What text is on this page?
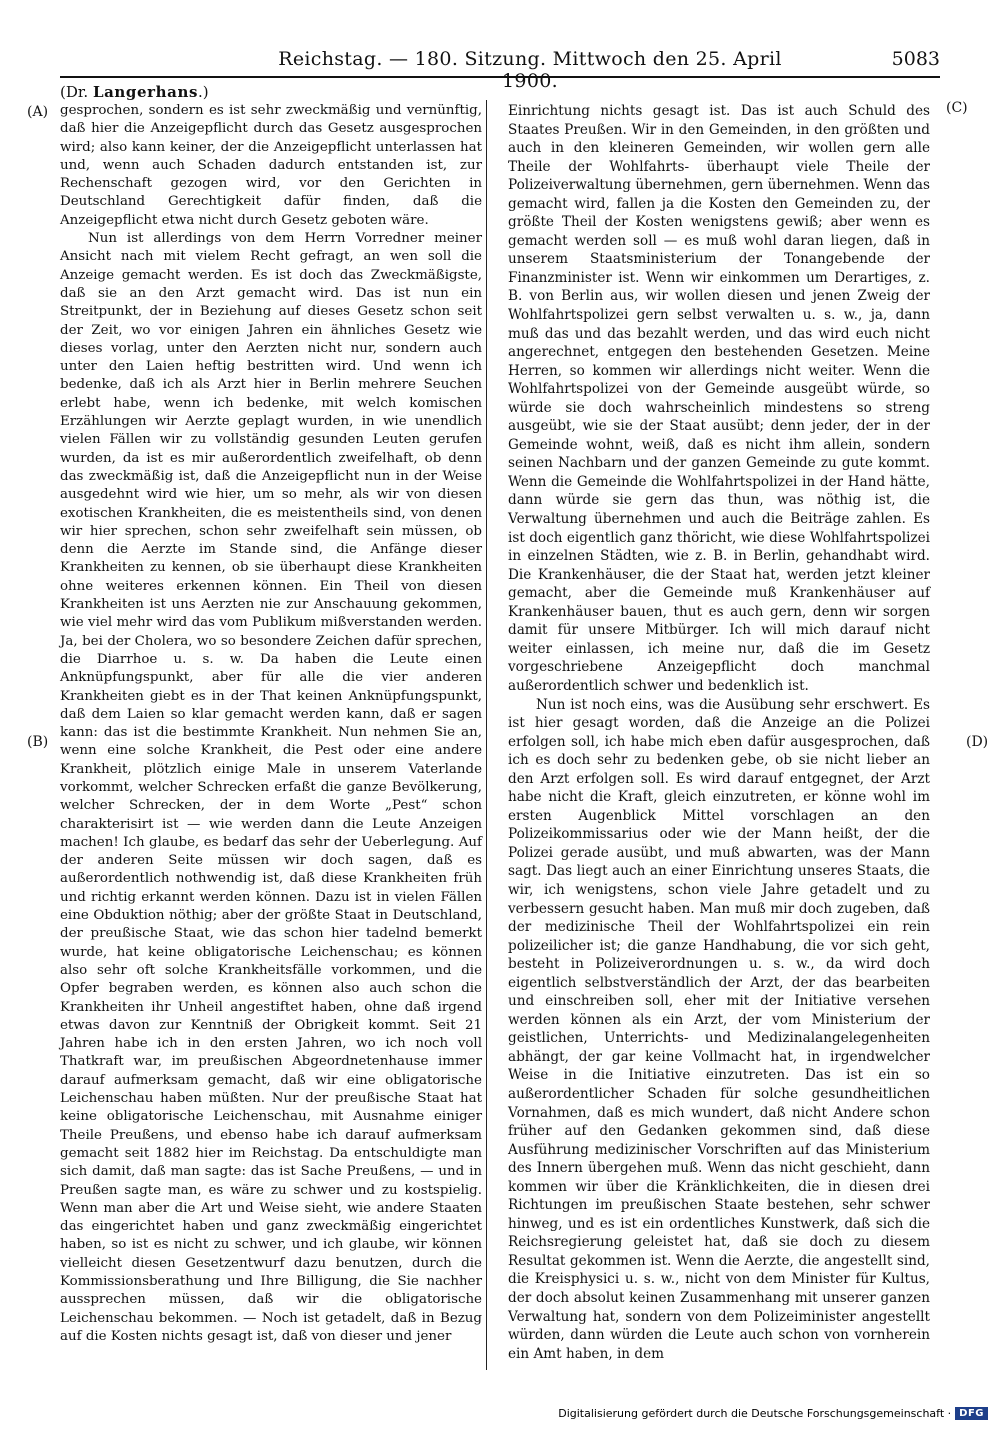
Reichstag. — 180. Sitzung. Mittwoch den 25. April 1900.
5083
(A)
(B)
(C)
(D)

(Dr. Langerhans.)

gesprochen, sondern es ist sehr zweckmäßig und vernünftig, daß hier die Anzeigepflicht durch das Gesetz ausgesprochen wird; also kann keiner, der die Anzeigepflicht unterlassen hat und, wenn auch Schaden dadurch entstanden ist, zur Rechenschaft gezogen wird, vor den Gerichten in Deutschland Gerechtigkeit dafür finden, daß die Anzeigepflicht etwa nicht durch Gesetz geboten wäre.

Nun ist allerdings von dem Herrn Vorredner meiner Ansicht nach mit vielem Recht gefragt, an wen soll die Anzeige gemacht werden. Es ist doch das Zweckmäßigste, daß sie an den Arzt gemacht wird. Das ist nun ein Streitpunkt, der in Beziehung auf dieses Gesetz schon seit der Zeit, wo vor einigen Jahren ein ähnliches Gesetz wie dieses vorlag, unter den Aerzten nicht nur, sondern auch unter den Laien heftig bestritten wird. Und wenn ich bedenke, daß ich als Arzt hier in Berlin mehrere Seuchen erlebt habe, wenn ich bedenke, mit welch komischen Erzählungen wir Aerzte geplagt wurden, in wie unendlich vielen Fällen wir zu vollständig gesunden Leuten gerufen wurden, da ist es mir außerordentlich zweifelhaft, ob denn das zweckmäßig ist, daß die Anzeigepflicht nun in der Weise ausgedehnt wird wie hier, um so mehr, als wir von diesen exotischen Krankheiten, die es meistentheils sind, von denen wir hier sprechen, schon sehr zweifelhaft sein müssen, ob denn die Aerzte im Stande sind, die Anfänge dieser Krankheiten zu kennen, ob sie überhaupt diese Krankheiten ohne weiteres erkennen können. Ein Theil von diesen Krankheiten ist uns Aerzten nie zur Anschauung gekommen, wie viel mehr wird das vom Publikum mißverstanden werden. Ja, bei der Cholera, wo so besondere Zeichen dafür sprechen, die Diarrhoe u. s. w. Da haben die Leute einen Anknüpfungspunkt, aber für alle die vier anderen Krankheiten giebt es in der That keinen Anknüpfungspunkt, daß dem Laien so klar gemacht werden kann, daß er sagen kann: das ist die bestimmte Krankheit. Nun nehmen Sie an, wenn eine solche Krankheit, die Pest oder eine andere Krankheit, plötzlich einige Male in unserem Vaterlande vorkommt, welcher Schrecken erfaßt die ganze Bevölkerung, welcher Schrecken, der in dem Worte „Pest“ schon charakterisirt ist — wie werden dann die Leute Anzeigen machen! Ich glaube, es bedarf das sehr der Ueberlegung. Auf der anderen Seite müssen wir doch sagen, daß es außerordentlich nothwendig ist, daß diese Krankheiten früh und richtig erkannt werden können. Dazu ist in vielen Fällen eine Obduktion nöthig; aber der größte Staat in Deutschland, der preußische Staat, wie das schon hier tadelnd bemerkt wurde, hat keine obligatorische Leichenschau; es können also sehr oft solche Krankheitsfälle vorkommen, und die Opfer begraben werden, es können also auch schon die Krankheiten ihr Unheil angestiftet haben, ohne daß irgend etwas davon zur Kenntniß der Obrigkeit kommt. Seit 21 Jahren habe ich in den ersten Jahren, wo ich noch voll Thatkraft war, im preußischen Abgeordnetenhause immer darauf aufmerksam gemacht, daß wir eine obligatorische Leichenschau haben müßten. Nur der preußische Staat hat keine obligatorische Leichenschau, mit Ausnahme einiger Theile Preußens, und ebenso habe ich darauf aufmerksam gemacht seit 1882 hier im Reichstag. Da entschuldigte man sich damit, daß man sagte: das ist Sache Preußens, — und in Preußen sagte man, es wäre zu schwer und zu kostspielig. Wenn man aber die Art und Weise sieht, wie andere Staaten das eingerichtet haben und ganz zweckmäßig eingerichtet haben, so ist es nicht zu schwer, und ich glaube, wir können vielleicht diesen Gesetzentwurf dazu benutzen, durch die Kommissionsberathung und Ihre Billigung, die Sie nachher aussprechen müssen, daß wir die obligatorische Leichenschau bekommen. — Noch ist getadelt, daß in Bezug auf die Kosten nichts gesagt ist, daß von dieser und jener

Einrichtung nichts gesagt ist. Das ist auch Schuld des Staates Preußen. Wir in den Gemeinden, in den größten und auch in den kleineren Gemeinden, wir wollen gern alle Theile der Wohlfahrts- überhaupt viele Theile der Polizeiverwaltung übernehmen, gern übernehmen. Wenn das gemacht wird, fallen ja die Kosten den Gemeinden zu, der größte Theil der Kosten wenigstens gewiß; aber wenn es gemacht werden soll — es muß wohl daran liegen, daß in unserem Staatsministerium der Tonangebende der Finanzminister ist. Wenn wir einkommen um Derartiges, z. B. von Berlin aus, wir wollen diesen und jenen Zweig der Wohlfahrtspolizei gern selbst verwalten u. s. w., ja, dann muß das und das bezahlt werden, und das wird euch nicht angerechnet, entgegen den bestehenden Gesetzen. Meine Herren, so kommen wir allerdings nicht weiter. Wenn die Wohlfahrtspolizei von der Gemeinde ausgeübt würde, so würde sie doch wahrscheinlich mindestens so streng ausgeübt, wie sie der Staat ausübt; denn jeder, der in der Gemeinde wohnt, weiß, daß es nicht ihm allein, sondern seinen Nachbarn und der ganzen Gemeinde zu gute kommt. Wenn die Gemeinde die Wohlfahrtspolizei in der Hand hätte, dann würde sie gern das thun, was nöthig ist, die Verwaltung übernehmen und auch die Beiträge zahlen. Es ist doch eigentlich ganz thöricht, wie diese Wohlfahrtspolizei in einzelnen Städten, wie z. B. in Berlin, gehandhabt wird. Die Krankenhäuser, die der Staat hat, werden jetzt kleiner gemacht, aber die Gemeinde muß Krankenhäuser auf Krankenhäuser bauen, thut es auch gern, denn wir sorgen damit für unsere Mitbürger. Ich will mich darauf nicht weiter einlassen, ich meine nur, daß die im Gesetz vorgeschriebene Anzeigepflicht doch manchmal außerordentlich schwer und bedenklich ist.

Nun ist noch eins, was die Ausübung sehr erschwert. Es ist hier gesagt worden, daß die Anzeige an die Polizei erfolgen soll, ich habe mich eben dafür ausgesprochen, daß ich es doch sehr zu bedenken gebe, ob sie nicht lieber an den Arzt erfolgen soll. Es wird darauf entgegnet, der Arzt habe nicht die Kraft, gleich einzutreten, er könne wohl im ersten Augenblick Mittel vorschlagen an den Polizeikommissarius oder wie der Mann heißt, der die Polizei gerade ausübt, und muß abwarten, was der Mann sagt. Das liegt auch an einer Einrichtung unseres Staats, die wir, ich wenigstens, schon viele Jahre getadelt und zu verbessern gesucht haben. Man muß mir doch zugeben, daß der medizinische Theil der Wohlfahrtspolizei ein rein polizeilicher ist; die ganze Handhabung, die vor sich geht, besteht in Polizeiverordnungen u. s. w., da wird doch eigentlich selbstverständlich der Arzt, der das bearbeiten und einschreiben soll, eher mit der Initiative versehen werden können als ein Arzt, der vom Ministerium der geistlichen, Unterrichts- und Medizinalangelegenheiten abhängt, der gar keine Vollmacht hat, in irgendwelcher Weise in die Initiative einzutreten. Das ist ein so außerordentlicher Schaden für solche gesundheitlichen Vornahmen, daß es mich wundert, daß nicht Andere schon früher auf den Gedanken gekommen sind, daß diese Ausführung medizinischer Vorschriften auf das Ministerium des Innern übergehen muß. Wenn das nicht geschieht, dann kommen wir über die Kränklichkeiten, die in diesen drei Richtungen im preußischen Staate bestehen, sehr schwer hinweg, und es ist ein ordentliches Kunstwerk, daß sich die Reichsregierung geleistet hat, daß sie doch zu diesem Resultat gekommen ist. Wenn die Aerzte, die angestellt sind, die Kreisphysici u. s. w., nicht von dem Minister für Kultus, der doch absolut keinen Zusammenhang mit unserer ganzen Verwaltung hat, sondern von dem Polizeiminister angestellt würden, dann würden die Leute auch schon von vornherein ein Amt haben, in dem

Digitalisierung gefördert durch die Deutsche Forschungsgemeinschaft · DFG
